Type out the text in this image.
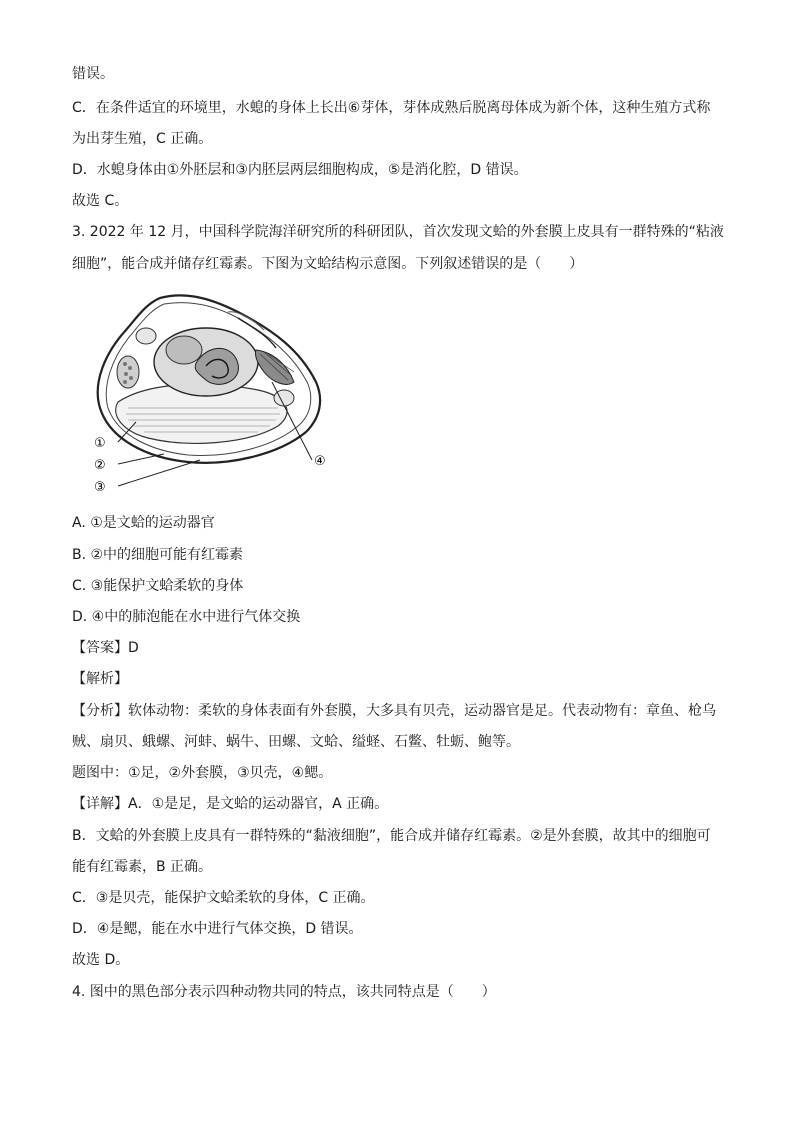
错误。
C．在条件适宜的环境里，水螅的身体上长出⑥芽体，芽体成熟后脱离母体成为新个体，这种生殖方式称
为出芽生殖，C 正确。
D．水螅身体由①外胚层和③内胚层两层细胞构成，⑤是消化腔，D 错误。
故选 C。
3. 2022 年 12 月，中国科学院海洋研究所的科研团队，首次发现文蛤的外套膜上皮具有一群特殊的“粘液
细胞”，能合成并储存红霉素。下图为文蛤结构示意图。下列叙述错误的是（　　）
①
②
③
④
A. ①是文蛤的运动器官
B. ②中的细胞可能有红霉素
C. ③能保护文蛤柔软的身体
D. ④中的肺泡能在水中进行气体交换
【答案】D
【解析】
【分析】软体动物：柔软的身体表面有外套膜，大多具有贝壳，运动器官是足。代表动物有：章鱼、枪乌
贼、扇贝、蛾螺、河蚌、蜗牛、田螺、文蛤、缢蛏、石鳖、牡蛎、鲍等。
题图中：①足，②外套膜，③贝壳，④鳃。
【详解】A．①是足，是文蛤的运动器官，A 正确。
B．文蛤的外套膜上皮具有一群特殊的“黏液细胞”，能合成并储存红霉素。②是外套膜，故其中的细胞可
能有红霉素，B 正确。
C．③是贝壳，能保护文蛤柔软的身体，C 正确。
D．④是鳃，能在水中进行气体交换，D 错误。
故选 D。
4. 图中的黑色部分表示四种动物共同的特点，该共同特点是（　　）
